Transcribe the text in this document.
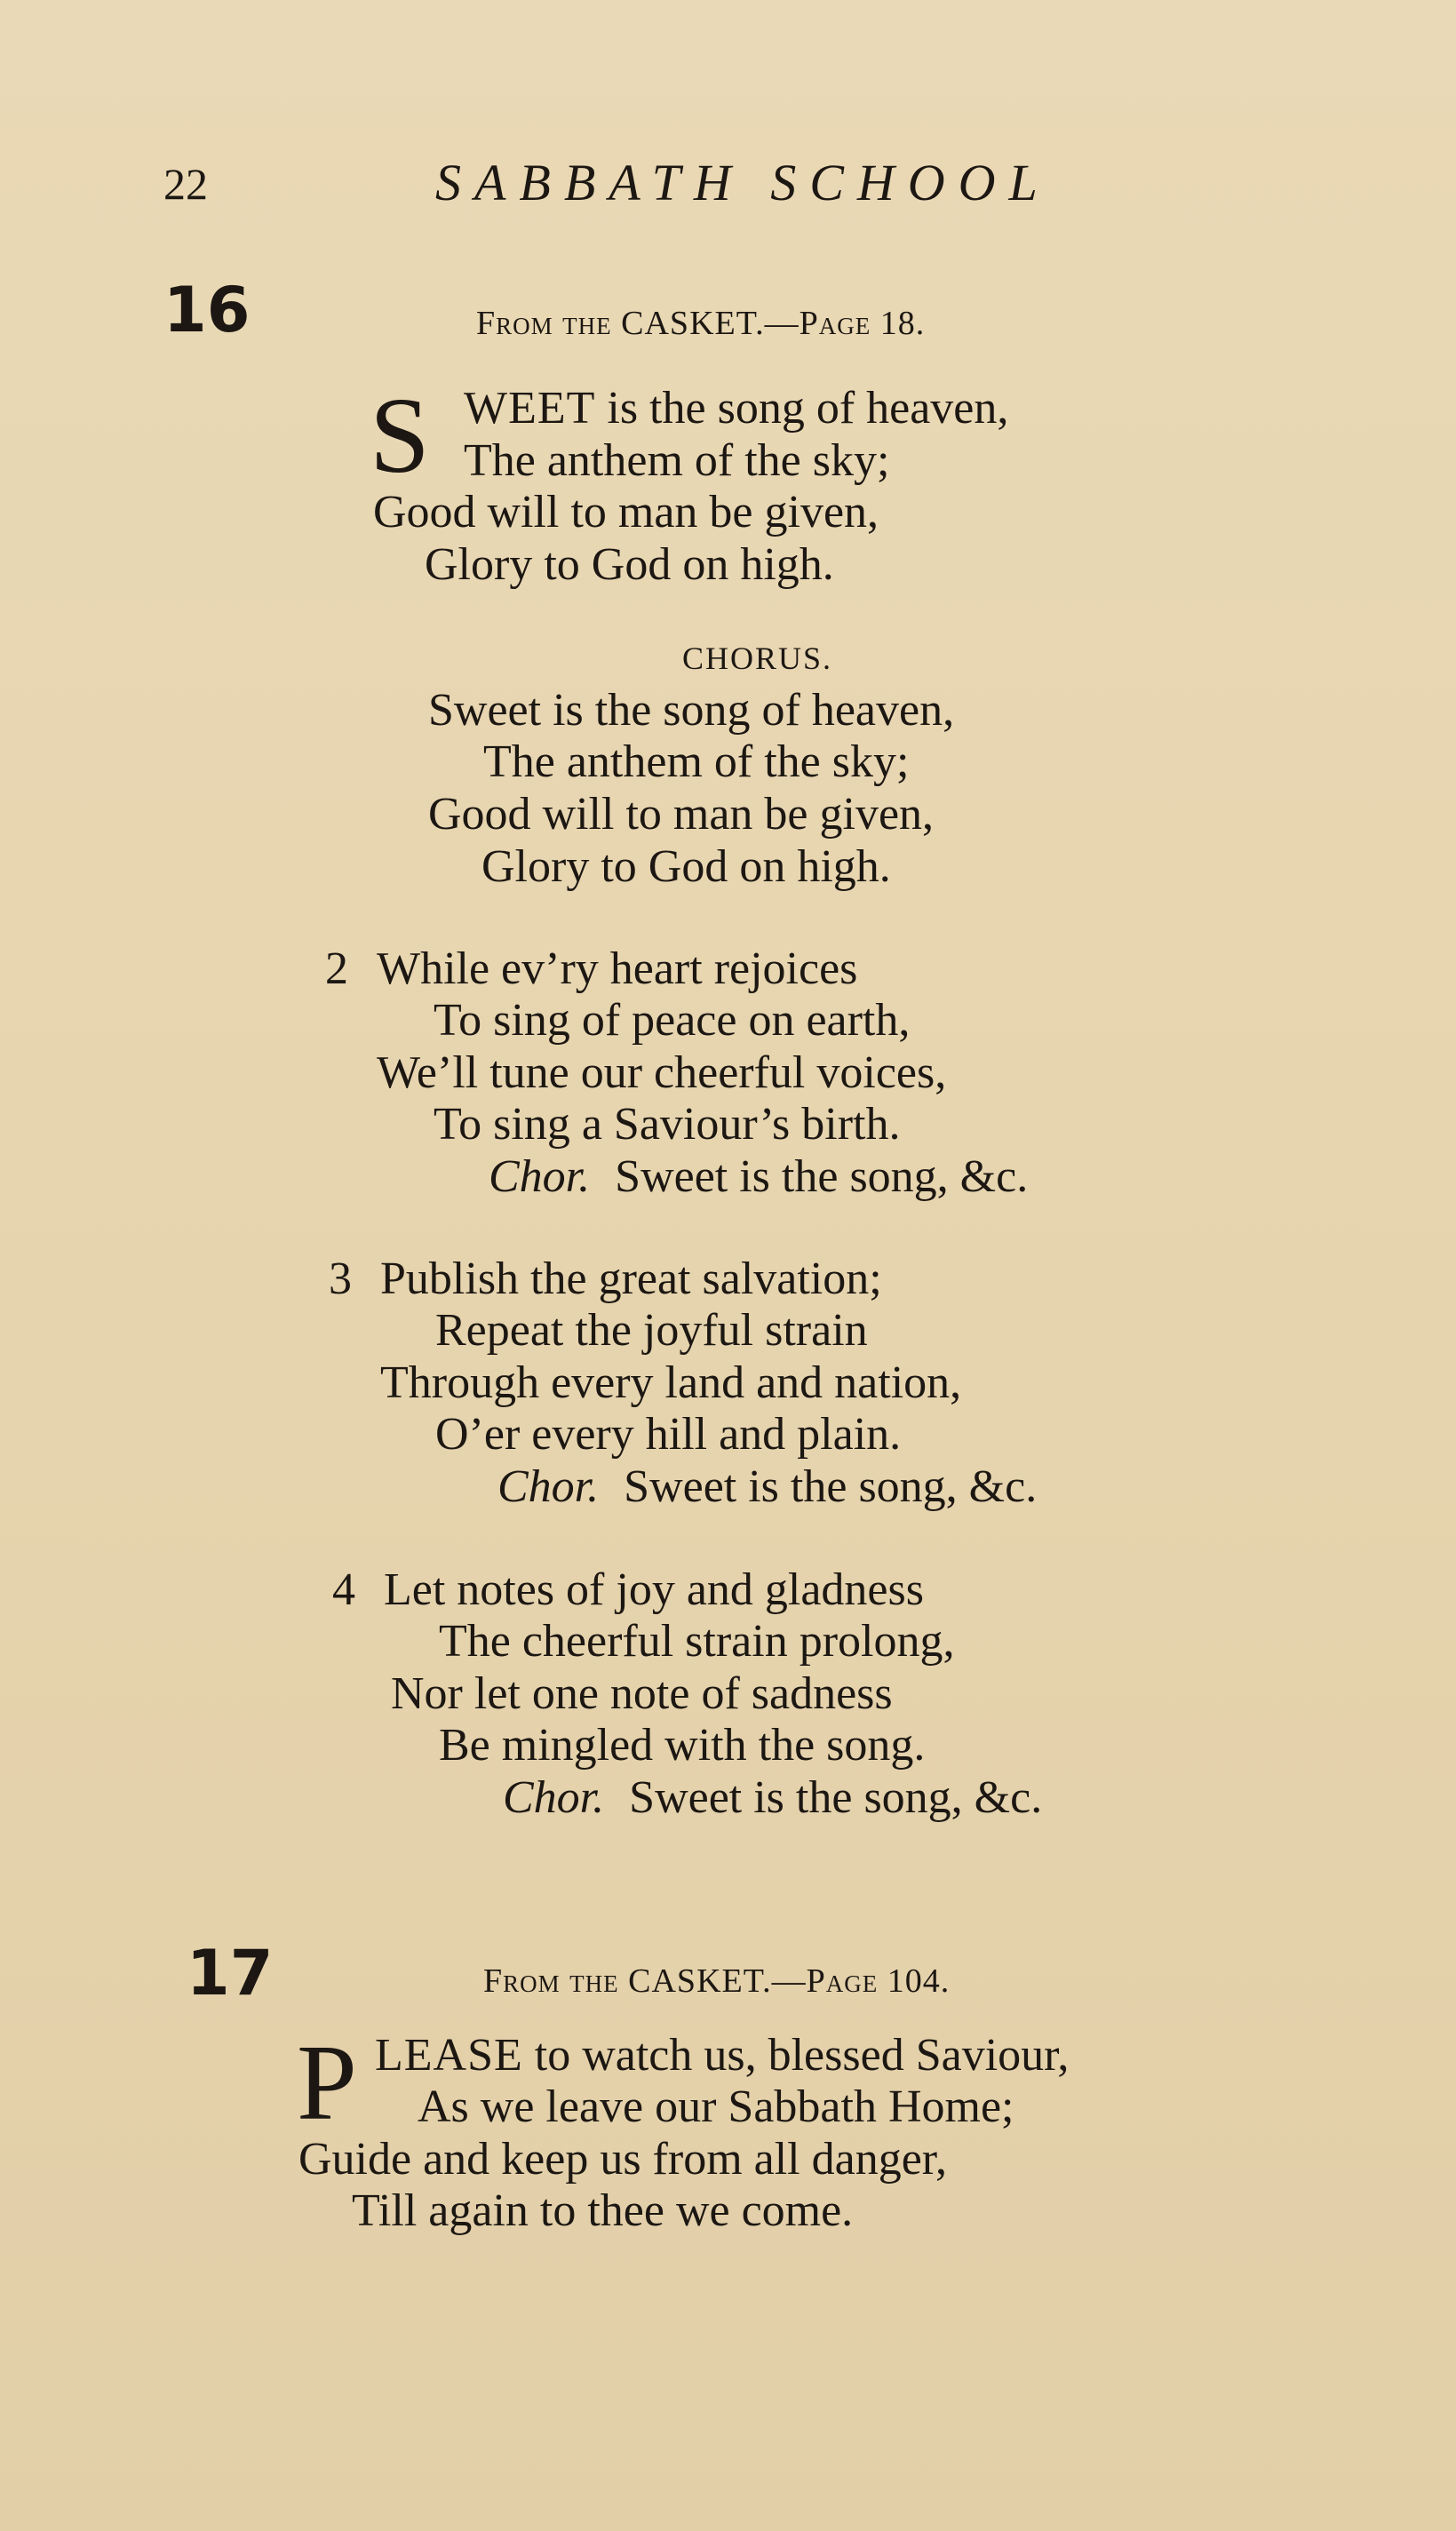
22	SABBATH SCHOOL
16	From the CASKET.—Page 18.
S WEET is the song of heaven,
The anthem of the sky;
Good will to man be given,
Glory to God on high.
CHORUS.
Sweet is the song of heaven,
The anthem of the sky;
Good will to man be given,
Glory to God on high.
2 While ev’ry heart rejoices
To sing of peace on earth,
We’ll tune our cheerful voices,
To sing a Saviour’s birth.
Chor. Sweet is the song, &c.
3 Publish the great salvation;
Repeat the joyful strain
Through every land and nation,
O’er every hill and plain.
Chor. Sweet is the song, &c.
4 Let notes of joy and gladness
The cheerful strain prolong,
Nor let one note of sadness
Be mingled with the song.
Chor. Sweet is the song, &c.
17	From the CASKET.—Page 104.
P LEASE to watch us, blessed Saviour,
As we leave our Sabbath Home;
Guide and keep us from all danger,
Till again to thee we come.
